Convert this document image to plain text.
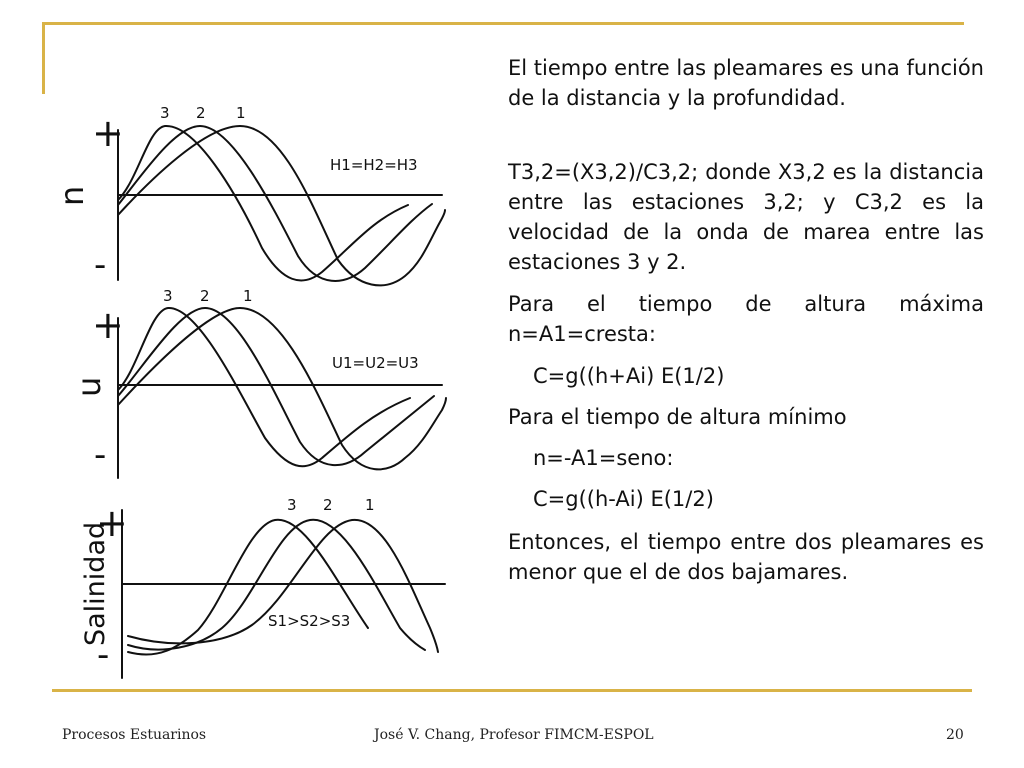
+
n
-
3 2 1
H1=H2=H3
+
u
-
3 2 1
U1=U2=U3
+
Salinidad
-
3 2 1
S1>S2>S3

El tiempo entre las pleamares es una función de la distancia y la profundidad.

T3,2=(X3,2)/C3,2; donde X3,2 es la distancia entre las estaciones 3,2; y C3,2 es la velocidad de la onda de marea entre las estaciones 3 y 2.

Para el tiempo de altura máxima n=A1=cresta:

C=g((h+Ai) E(1/2)

Para el tiempo de altura mínimo

n=-A1=seno:

C=g((h-Ai) E(1/2)

Entonces, el tiempo entre dos pleamares es menor que el de dos bajamares.

Procesos Estuarinos	José V. Chang, Profesor FIMCM-ESPOL	20
